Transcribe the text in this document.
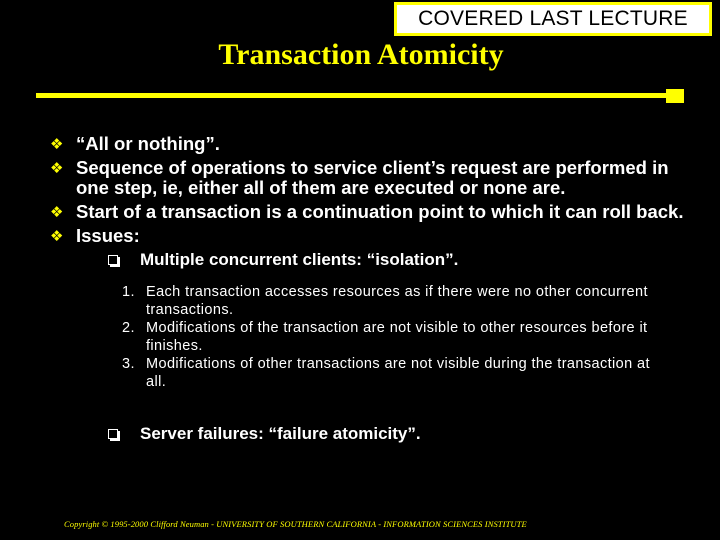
COVERED LAST LECTURE
Transaction Atomicity
❖ “All or nothing”.
❖ Sequence of operations to service client’s request are performed in one step, ie, either all of them are executed or none are.
❖ Start of a transaction is a continuation point to which it can roll back.
❖ Issues:
Multiple concurrent clients: “isolation”.
1. Each transaction accesses resources as if there were no other concurrent transactions.
2. Modifications of the transaction are not visible to other resources before it finishes.
3. Modifications of other transactions are not visible during the transaction at all.
Server failures: “failure atomicity”.
Copyright © 1995-2000 Clifford Neuman - UNIVERSITY OF SOUTHERN CALIFORNIA - INFORMATION SCIENCES INSTITUTE
